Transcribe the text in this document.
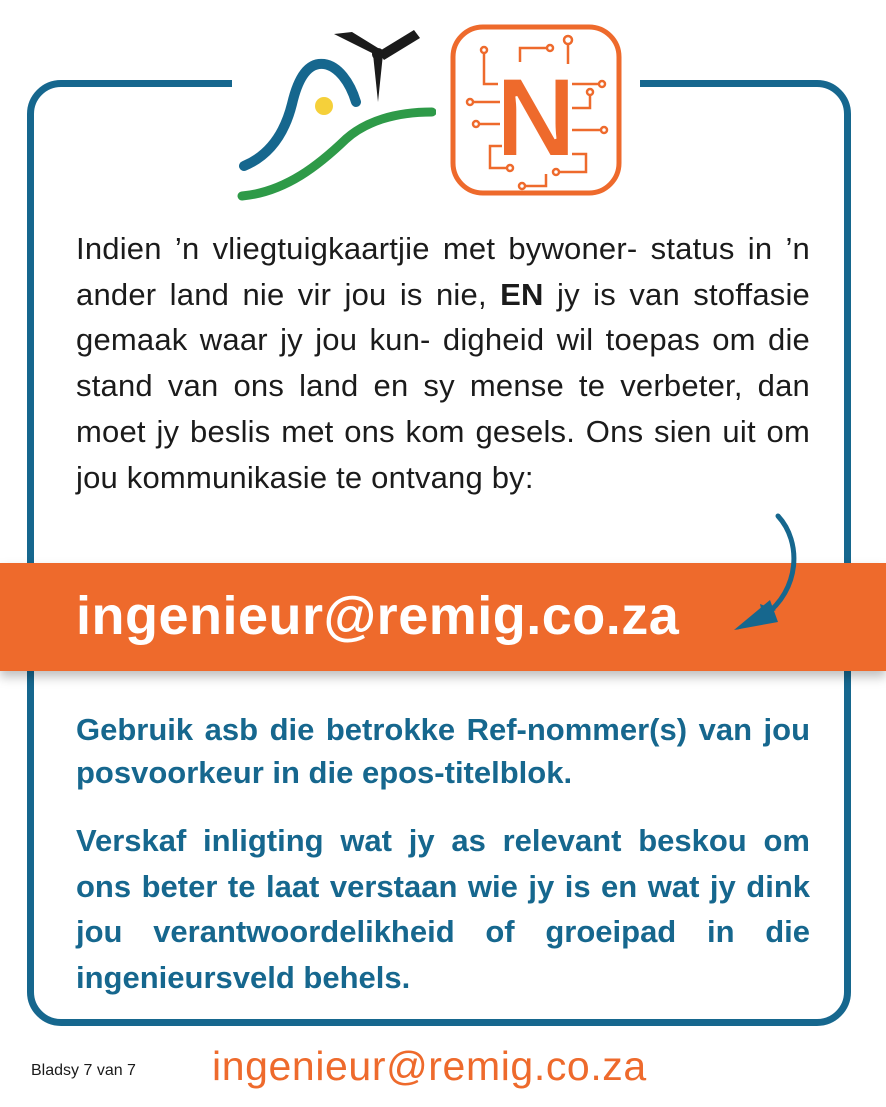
N

Indien ’n vliegtuigkaartjie met bywoner- status in ’n ander land nie vir jou is nie, EN jy is van stoffasie gemaak waar jy jou kun- digheid wil toepas om die stand van ons land en sy mense te verbeter, dan moet jy beslis met ons kom gesels. Ons sien uit om jou kommunikasie te ontvang by:

ingenieur@remig.co.za

Gebruik asb die betrokke Ref-nommer(s) van jou posvoorkeur in die epos-titelblok.

Verskaf inligting wat jy as relevant beskou om ons beter te laat verstaan wie jy is en wat jy dink jou verantwoordelikheid of groeipad in die ingenieursveld behels.

Bladsy 7 van 7 ingenieur@remig.co.za
